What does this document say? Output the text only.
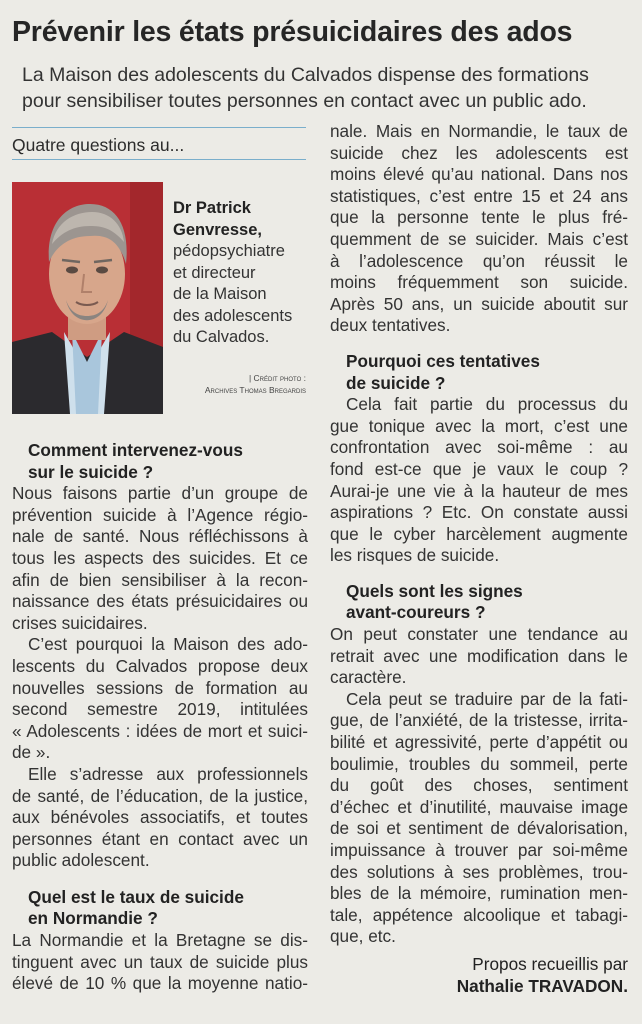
Prévenir les états présuicidaires des ados
La Maison des adolescents du Calvados dispense des formations
pour sensibiliser toutes personnes en contact avec un public ado.
Quatre questions au...
Dr Patrick
Genvresse,
pédopsychiatre
et directeur
de la Maison
des adolescents
du Calvados.
| Crédit photo :
Archives Thomas Bregardis
Comment intervenez-vous
sur le suicide ?
Nous faisons partie d’un groupe de
prévention suicide à l’Agence régio-
nale de santé. Nous réfléchissons à
tous les aspects des suicides. Et ce
afin de bien sensibiliser à la recon-
naissance des états présuicidaires ou
crises suicidaires.
C’est pourquoi la Maison des ado-
lescents du Calvados propose deux
nouvelles sessions de formation au
second semestre 2019, intitulées
« Adolescents : idées de mort et suici-
de ».
Elle s’adresse aux professionnels
de santé, de l’éducation, de la justice,
aux bénévoles associatifs, et toutes
personnes étant en contact avec un
public adolescent.
Quel est le taux de suicide
en Normandie ?
La Normandie et la Bretagne se dis-
tinguent avec un taux de suicide plus
élevé de 10 % que la moyenne natio-
nale. Mais en Normandie, le taux de
suicide chez les adolescents est
moins élevé qu’au national. Dans nos
statistiques, c’est entre 15 et 24 ans
que la personne tente le plus fré-
quemment de se suicider. Mais c’est
à l’adolescence qu’on réussit le
moins fréquemment son suicide.
Après 50 ans, un suicide aboutit sur
deux tentatives.
Pourquoi ces tentatives
de suicide ?
Cela fait partie du processus du
gue tonique avec la mort, c’est une
confrontation avec soi-même : au
fond est-ce que je vaux le coup ?
Aurai-je une vie à la hauteur de mes
aspirations ? Etc. On constate aussi
que le cyber harcèlement augmente
les risques de suicide.
Quels sont les signes
avant-coureurs ?
On peut constater une tendance au
retrait avec une modification dans le
caractère.
Cela peut se traduire par de la fati-
gue, de l’anxiété, de la tristesse, irrita-
bilité et agressivité, perte d’appétit ou
boulimie, troubles du sommeil, perte
du goût des choses, sentiment
d’échec et d’inutilité, mauvaise image
de soi et sentiment de dévalorisation,
impuissance à trouver par soi-même
des solutions à ses problèmes, trou-
bles de la mémoire, rumination men-
tale, appétence alcoolique et tabagi-
que, etc.
Propos recueillis par
Nathalie TRAVADON.
